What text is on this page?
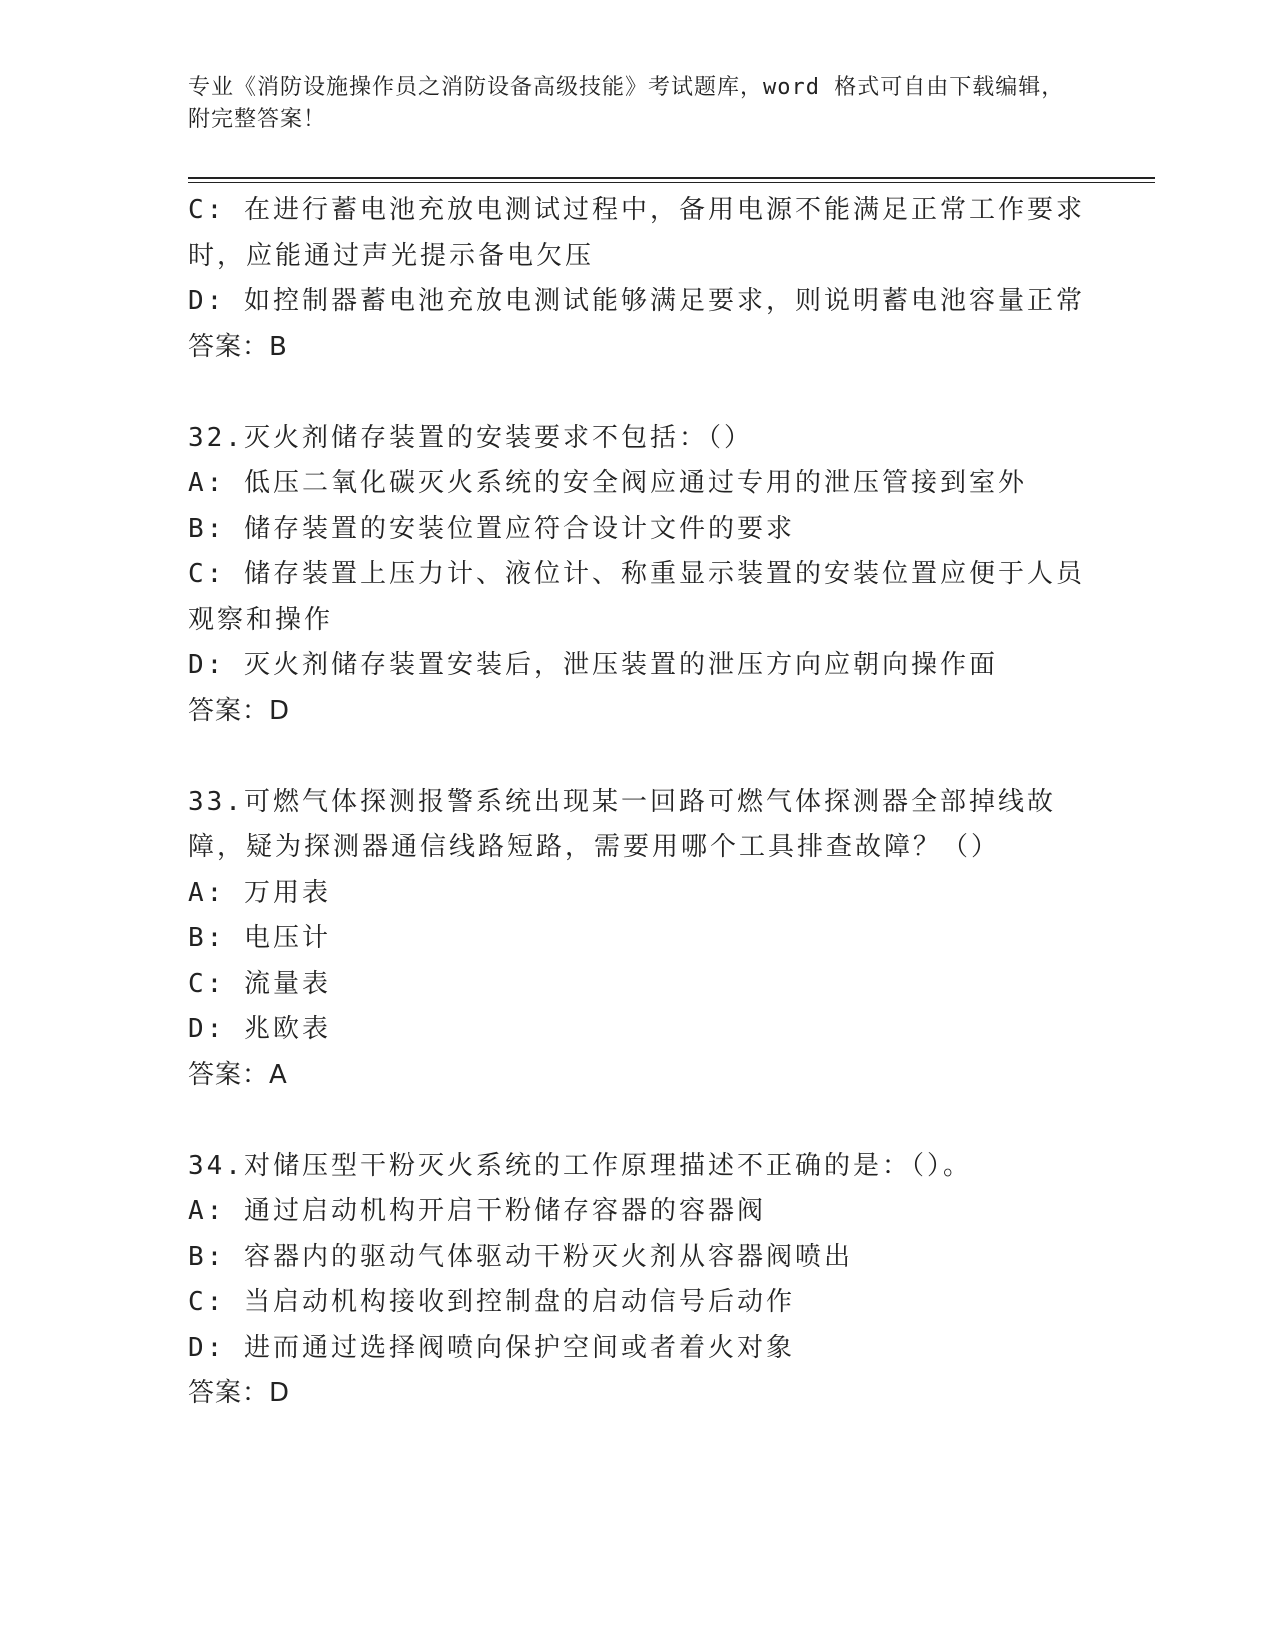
专业《消防设施操作员之消防设备高级技能》考试题库，word 格式可自由下载编辑，附完整答案！

C: 在进行蓄电池充放电测试过程中，备用电源不能满足正常工作要求时，应能通过声光提示备电欠压

D: 如控制器蓄电池充放电测试能够满足要求，则说明蓄电池容量正常

答案：B

32.灭火剂储存装置的安装要求不包括：（）

A: 低压二氧化碳灭火系统的安全阀应通过专用的泄压管接到室外

B: 储存装置的安装位置应符合设计文件的要求

C: 储存装置上压力计、液位计、称重显示装置的安装位置应便于人员观察和操作

D: 灭火剂储存装置安装后，泄压装置的泄压方向应朝向操作面

答案：D

33.可燃气体探测报警系统出现某一回路可燃气体探测器全部掉线故障，疑为探测器通信线路短路，需要用哪个工具排查故障？（）

A: 万用表

B: 电压计

C: 流量表

D: 兆欧表

答案：A

34.对储压型干粉灭火系统的工作原理描述不正确的是：（）。

A: 通过启动机构开启干粉储存容器的容器阀

B: 容器内的驱动气体驱动干粉灭火剂从容器阀喷出

C: 当启动机构接收到控制盘的启动信号后动作

D: 进而通过选择阀喷向保护空间或者着火对象

答案：D
